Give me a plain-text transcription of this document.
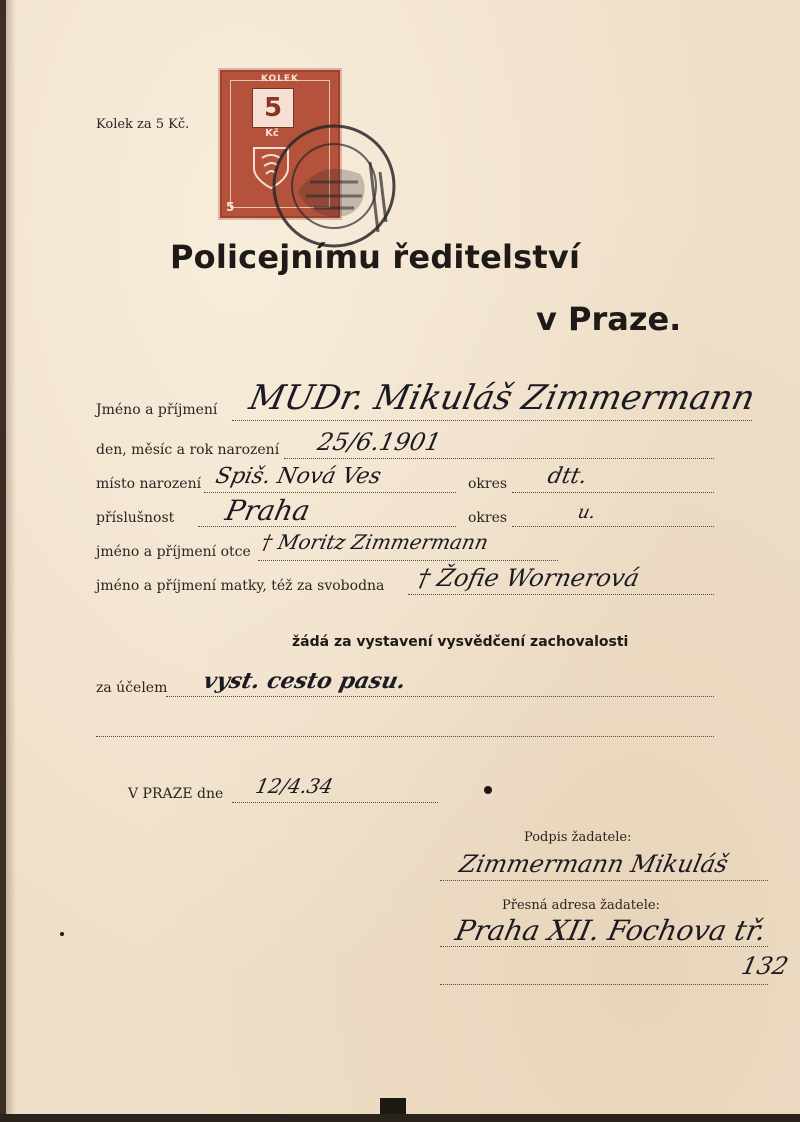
Kolek za 5 Kč.
KOLEK
5
Kč
5
Policejnímu ředitelství
v Praze.

Jméno a příjmení MUDr. Mikuláš Zimmermann
den, měsíc a rok narození 25/6.1901
místo narození Spiš. Nová Ves	okres dtt.
příslušnost Praha	okres	u.
jméno a příjmení otce † Moritz Zimmermann
jméno a příjmení matky, též za svobodna † Žofie Wornerová
žádá za vystavení vysvědčení zachovalosti
za účelem vyst. cesto pasu.
V PRAZE dne 12/4.34
Podpis žadatele:
Zimmermann Mikuláš
Přesná adresa žadatele:
Praha XII. Fochova tř.
132
